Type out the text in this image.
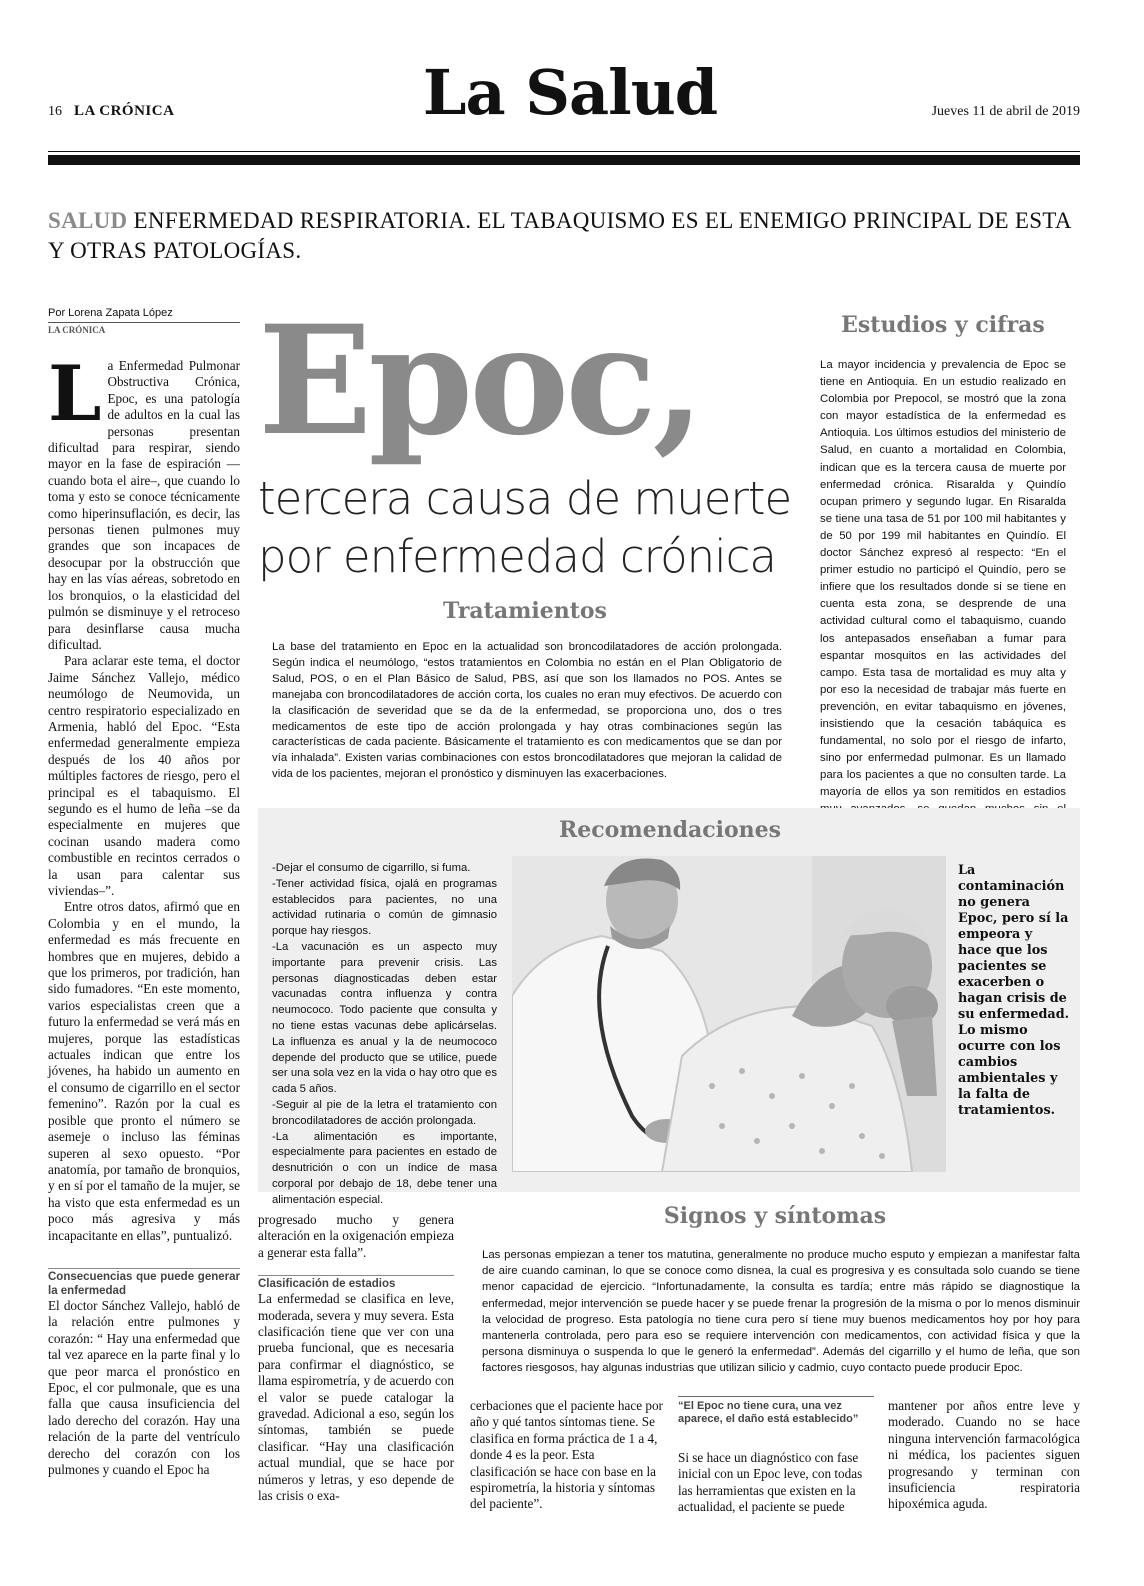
16 LA CRÓNICA	La Salud	Jueves 11 de abril de 2019
SALUD ENFERMEDAD RESPIRATORIA. EL TABAQUISMO ES EL ENEMIGO PRINCIPAL DE ESTA Y OTRAS PATOLOGÍAS.
Por Lorena Zapata López
LA CRÓNICA

La Enfermedad Pulmonar Obstructiva Crónica, Epoc, es una patología de adultos en la cual las personas presentan dificultad para respirar, siendo mayor en la fase de espiración —cuando bota el aire–, que cuando lo toma y esto se conoce técnicamente como hiperinsuflación, es decir, las personas tienen pulmones muy grandes que son incapaces de desocupar por la obstrucción que hay en las vías aéreas, sobretodo en los bronquios, o la elasticidad del pulmón se disminuye y el retroceso para desinflarse causa mucha dificultad.

Para aclarar este tema, el doctor Jaime Sánchez Vallejo, médico neumólogo de Neumovida, un centro respiratorio especializado en Armenia, habló del Epoc. “Esta enfermedad generalmente empieza después de los 40 años por múltiples factores de riesgo, pero el principal es el tabaquismo. El segundo es el humo de leña –se da especialmente en mujeres que cocinan usando madera como combustible en recintos cerrados o la usan para calentar sus viviendas–”.

Entre otros datos, afirmó que en Colombia y en el mundo, la enfermedad es más frecuente en hombres que en mujeres, debido a que los primeros, por tradición, han sido fumadores. “En este momento, varios especialistas creen que a futuro la enfermedad se verá más en mujeres, porque las estadísticas actuales indican que entre los jóvenes, ha habido un aumento en el consumo de cigarrillo en el sector femenino”. Razón por la cual es posible que pronto el número se asemeje o incluso las féminas superen al sexo opuesto. “Por anatomía, por tamaño de bronquios, y en sí por el tamaño de la mujer, se ha visto que esta enfermedad es un poco más agresiva y más incapacitante en ellas”, puntualizó.

Consecuencias que puede generar la enfermedad

El doctor Sánchez Vallejo, habló de la relación entre pulmones y corazón: “ Hay una enfermedad que tal vez aparece en la parte final y lo que peor marca el pronóstico en Epoc, el cor pulmonale, que es una falla que causa insuficiencia del lado derecho del corazón. Hay una relación de la parte del ventrículo derecho del corazón con los pulmones y cuando el Epoc ha

Epoc,
tercera causa de muerte
por enfermedad crónica
Tratamientos
La base del tratamiento en Epoc en la actualidad son broncodilatadores de acción prolongada. Según indica el neumólogo, “estos tratamientos en Colombia no están en el Plan Obligatorio de Salud, POS, o en el Plan Básico de Salud, PBS, así que son los llamados no POS. Antes se manejaba con broncodilatadores de acción corta, los cuales no eran muy efectivos. De acuerdo con la clasificación de severidad que se da de la enfermedad, se proporciona uno, dos o tres medicamentos de este tipo de acción prolongada y hay otras combinaciones según las características de cada paciente. Básicamente el tratamiento es con medicamentos que se dan por vía inhalada”. Existen varias combinaciones con estos broncodilatadores que mejoran la calidad de vida de los pacientes, mejoran el pronóstico y disminuyen las exacerbaciones.
Estudios y cifras
La mayor incidencia y prevalencia de Epoc se tiene en Antioquia. En un estudio realizado en Colombia por Prepocol, se mostró que la zona con mayor estadística de la enfermedad es Antioquia. Los últimos estudios del ministerio de Salud, en cuanto a mortalidad en Colombia, indican que es la tercera causa de muerte por enfermedad crónica. Risaralda y Quindío ocupan primero y segundo lugar. En Risaralda se tiene una tasa de 51 por 100 mil habitantes y de 50 por 199 mil habitantes en Quindío. El doctor Sánchez expresó al respecto: “En el primer estudio no participó el Quindío, pero se infiere que los resultados donde si se tiene en cuenta esta zona, se desprende de una actividad cultural como el tabaquismo, cuando los antepasados enseñaban a fumar para espantar mosquitos en las actividades del campo. Esta tasa de mortalidad es muy alta y por eso la necesidad de trabajar más fuerte en prevención, en evitar tabaquismo en jóvenes, insistiendo que la cesación tabáquica es fundamental, no solo por el riesgo de infarto, sino por enfermedad pulmonar. Es un llamado para los pacientes a que no consulten tarde. La mayoría de ellos ya son remitidos en estadios
Recomendaciones
-Dejar el consumo de cigarrillo, si fuma.
-Tener actividad física, ojalá en programas establecidos para pacientes, no una actividad rutinaria o común de gimnasio porque hay riesgos.
-La vacunación es un aspecto muy importante para prevenir crisis. Las personas diagnosticadas deben estar vacunadas contra influenza y contra neumococo. Todo paciente que consulta y no tiene estas vacunas debe aplicárselas. La influenza es anual y la de neumococo depende del producto que se utilice, puede ser una sola vez en la vida o hay otro que es cada 5 años.
-Seguir al pie de la letra el tratamiento con broncodilatadores de acción prolongada.
-La alimentación es importante, especialmente para pacientes en estado de desnutrición o con un índice de masa corporal por debajo de 18, debe tener una alimentación especial.
La contaminación no genera Epoc, pero sí la empeora y hace que los pacientes se exacerben o hagan crisis de su enfermedad. Lo mismo ocurre con los cambios ambientales y la falta de tratamientos.
progresado mucho y genera alteración en la oxigenación empieza a generar esta falla”.
Clasificación de estadios
La enfermedad se clasifica en leve, moderada, severa y muy severa. Esta clasificación tiene que ver con una prueba funcional, que es necesaria para confirmar el diagnóstico, se llama espirometría, y de acuerdo con el valor se puede catalogar la gravedad. Adicional a eso, según los síntomas, también se puede clasificar. “Hay una clasificación actual mundial, que se hace por números y letras, y eso depende de las crisis o exa-
Signos y síntomas
Las personas empiezan a tener tos matutina, generalmente no produce mucho esputo y empiezan a manifestar falta de aire cuando caminan, lo que se conoce como disnea, la cual es progresiva y es consultada solo cuando se tiene menor capacidad de ejercicio. “Infortunadamente, la consulta es tardía; entre más rápido se diagnostique la enfermedad, mejor intervención se puede hacer y se puede frenar la progresión de la misma o por lo menos disminuir la velocidad de progreso. Esta patología no tiene cura pero sí tiene muy buenos medicamentos hoy por hoy para mantenerla controlada, pero para eso se requiere intervención con medicamentos, con actividad física y que la persona disminuya o suspenda lo que le generó la enfermedad”. Además del cigarrillo y el humo de leña, que son factores riesgosos, hay algunas industrias que utilizan silicio y cadmio, cuyo contacto puede producir Epoc.
cerbaciones que el paciente hace por año y qué tantos síntomas tiene. Se clasifica en forma práctica de 1 a 4, donde 4 es la peor. Esta clasificación se hace con base en la espirometría, la historia y síntomas del paciente”.
“El Epoc no tiene cura, una vez aparece, el daño está establecido”
Si se hace un diagnóstico con fase inicial con un Epoc leve, con todas las herramientas que existen en la actualidad, el paciente se puede
mantener por años entre leve y moderado. Cuando no se hace ninguna intervención farmacológica ni médica, los pacientes siguen progresando y terminan con insuficiencia respiratoria hipoxémica aguda.
